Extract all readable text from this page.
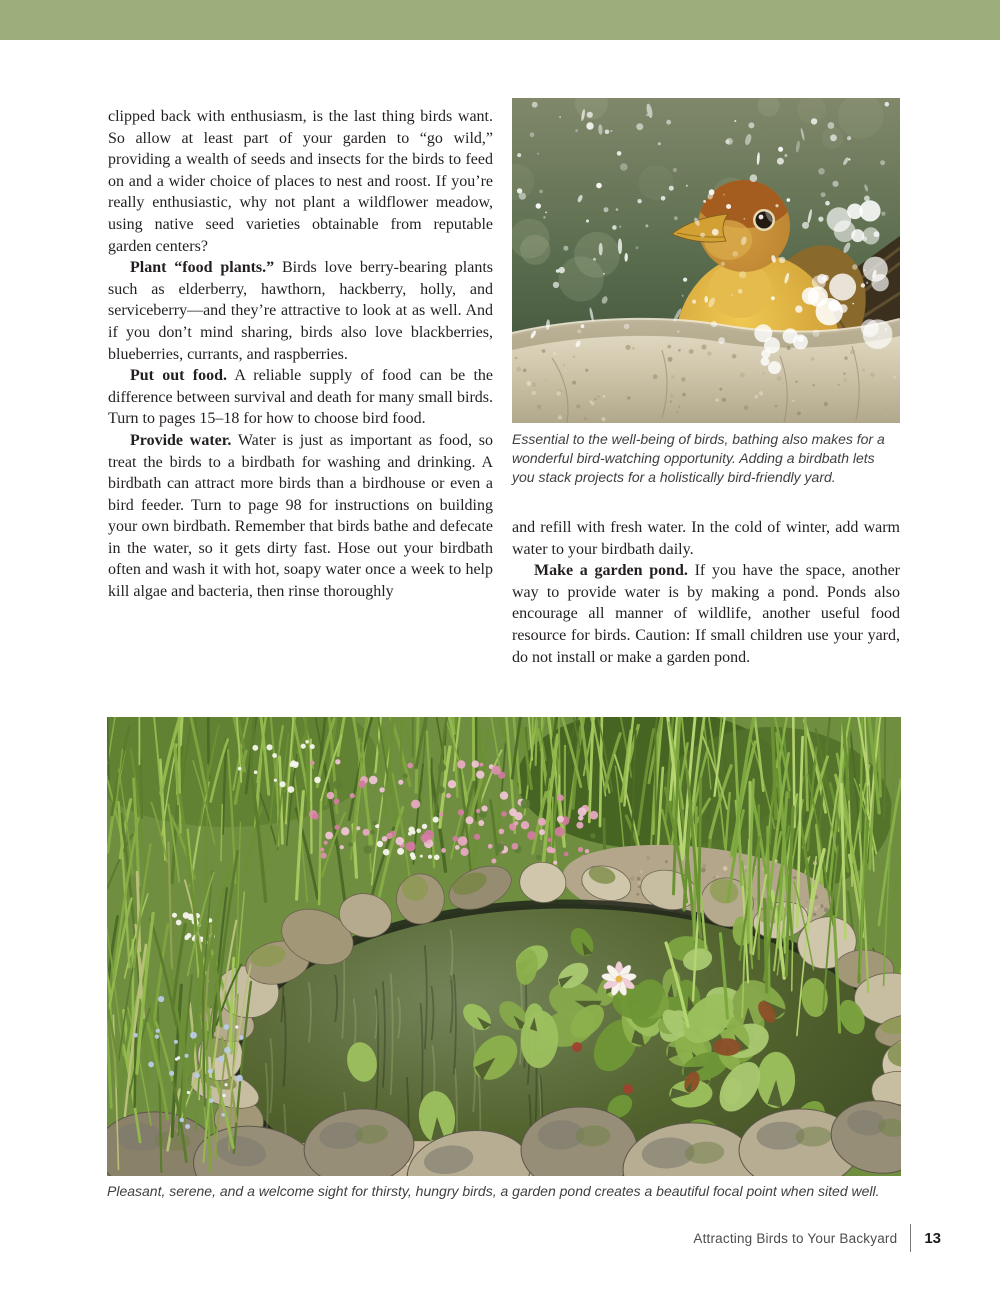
clipped back with enthusiasm, is the last thing birds want. So allow at least part of your garden to “go wild,” providing a wealth of seeds and insects for the birds to feed on and a wider choice of places to nest and roost. If you’re really enthusiastic, why not plant a wildflower meadow, using native seed varieties obtainable from reputable garden centers?

Plant “food plants.” Birds love berry-bearing plants such as elderberry, hawthorn, hackberry, holly, and serviceberry—and they’re attractive to look at as well. And if you don’t mind sharing, birds also love blackberries, blueberries, currants, and raspberries.

Put out food. A reliable supply of food can be the difference between survival and death for many small birds. Turn to pages 15–18 for how to choose bird food.

Provide water. Water is just as important as food, so treat the birds to a birdbath for washing and drinking. A birdbath can attract more birds than a birdhouse or even a bird feeder. Turn to page 98 for instructions on building your own birdbath. Remember that birds bathe and defecate in the water, so it gets dirty fast. Hose out your birdbath often and wash it with hot, soapy water once a week to help kill algae and bacteria, then rinse thoroughly

Essential to the well-being of birds, bathing also makes for a wonderful bird-watching opportunity. Adding a birdbath lets you stack projects for a holistically bird-friendly yard.

and refill with fresh water. In the cold of winter, add warm water to your birdbath daily.

Make a garden pond. If you have the space, another way to provide water is by making a pond. Ponds also encourage all manner of wildlife, another useful food resource for birds. Caution: If small children use your yard, do not install or make a garden pond.

Pleasant, serene, and a welcome sight for thirsty, hungry birds, a garden pond creates a beautiful focal point when sited well.
Attracting Birds to Your Backyard 13
